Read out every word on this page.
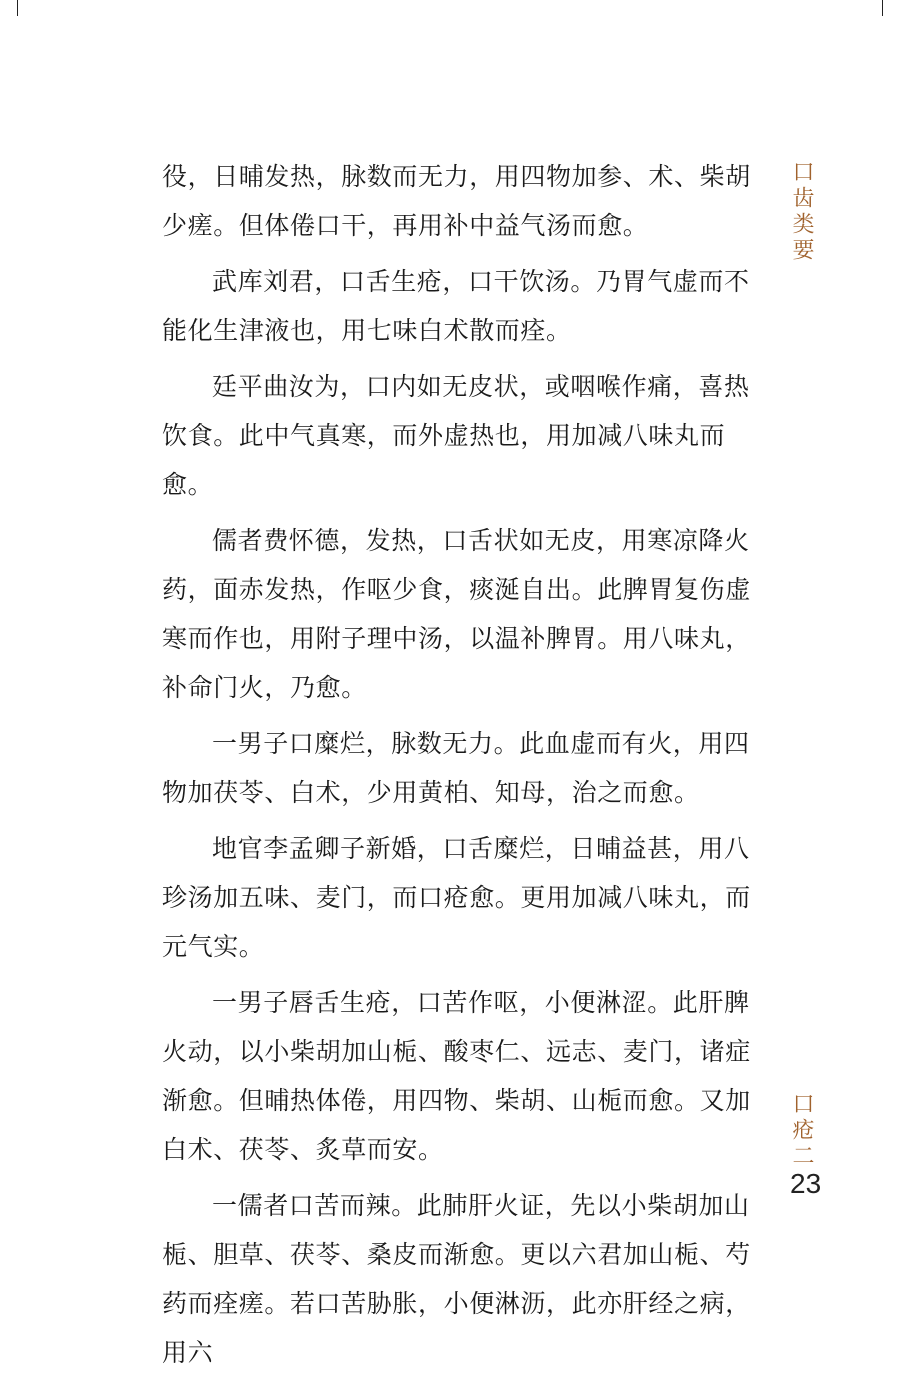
役，日晡发热，脉数而无力，用四物加参、术、柴胡少瘥。但体倦口干，再用补中益气汤而愈。

武库刘君，口舌生疮，口干饮汤。乃胃气虚而不能化生津液也，用七味白术散而痊。

廷平曲汝为，口内如无皮状，或咽喉作痛，喜热饮食。此中气真寒，而外虚热也，用加减八味丸而愈。

儒者费怀德，发热，口舌状如无皮，用寒凉降火药，面赤发热，作呕少食，痰涎自出。此脾胃复伤虚寒而作也，用附子理中汤，以温补脾胃。用八味丸，补命门火，乃愈。

一男子口糜烂，脉数无力。此血虚而有火，用四物加茯苓、白术，少用黄柏、知母，治之而愈。

地官李孟卿子新婚，口舌糜烂，日晡益甚，用八珍汤加五味、麦门，而口疮愈。更用加减八味丸，而元气实。

一男子唇舌生疮，口苦作呕，小便淋涩。此肝脾火动，以小柴胡加山栀、酸枣仁、远志、麦门，诸症渐愈。但晡热体倦，用四物、柴胡、山栀而愈。又加白术、茯苓、炙草而安。

一儒者口苦而辣。此肺肝火证，先以小柴胡加山栀、胆草、茯苓、桑皮而渐愈。更以六君加山栀、芍药而痊瘥。若口苦胁胀，小便淋沥，此亦肝经之病，用六

口齿类要
口疮二
23
